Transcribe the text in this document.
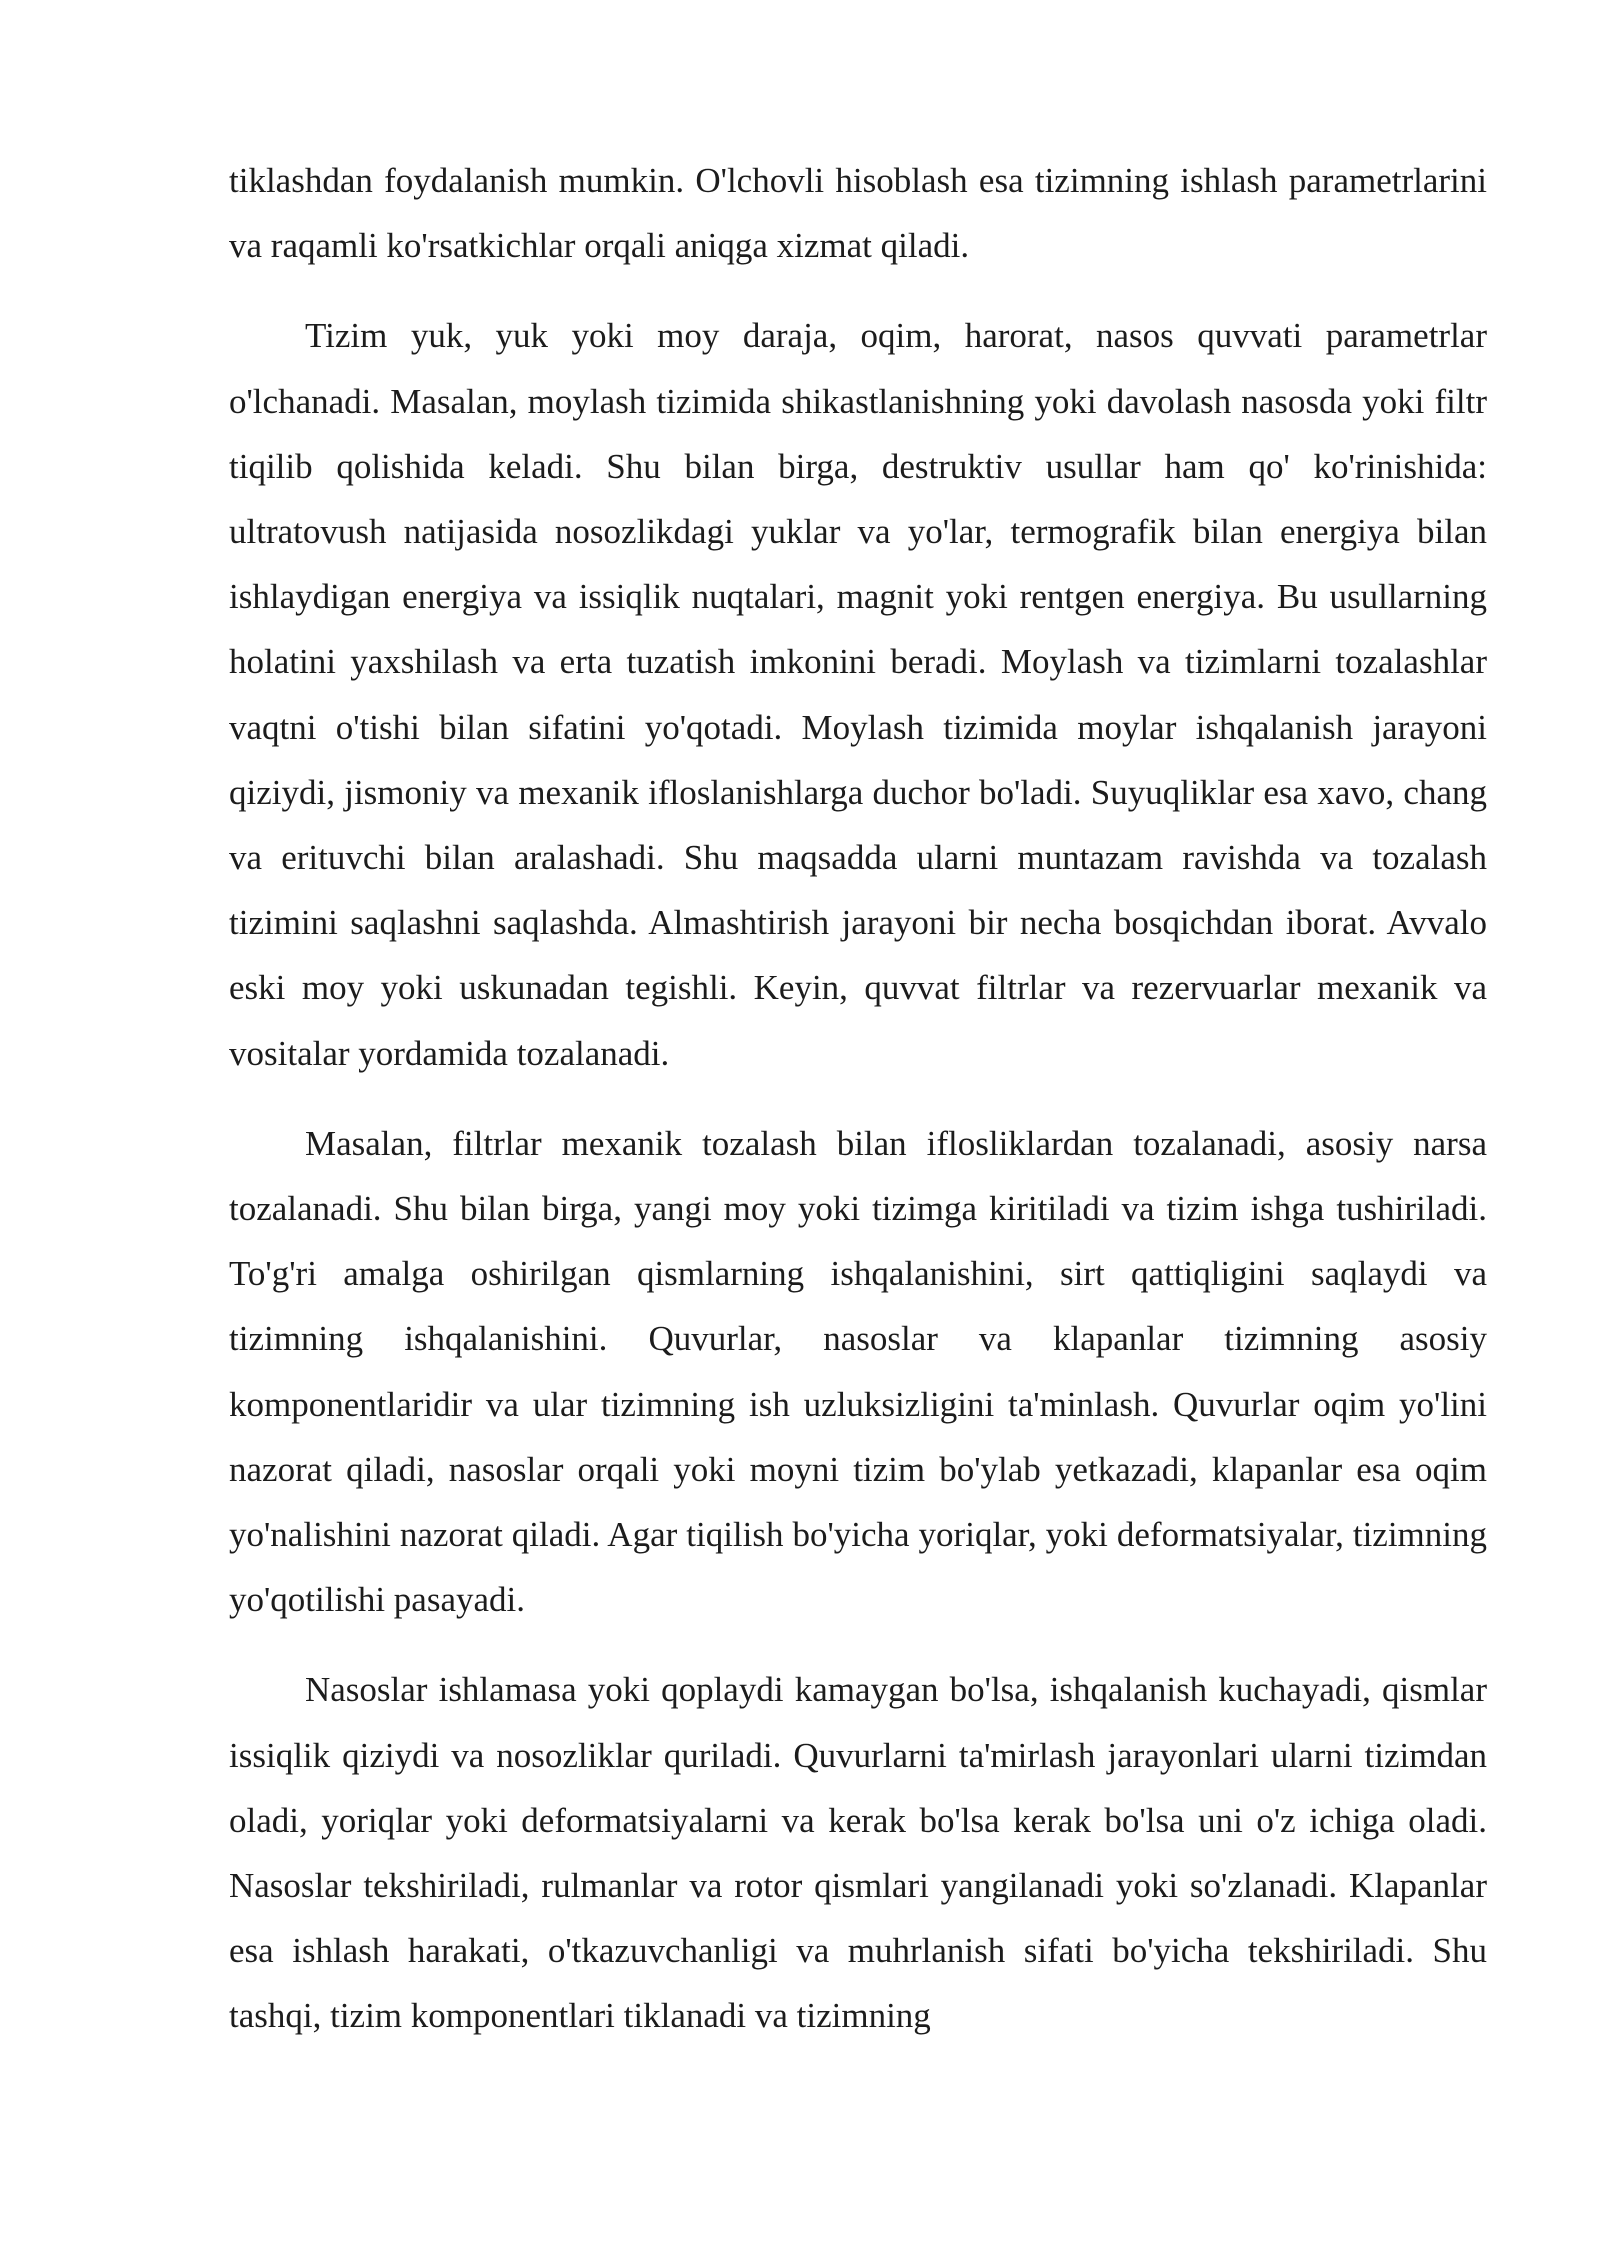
tiklashdan foydalanish mumkin. O'lchovli hisoblash esa tizimning ishlash parametrlarini va raqamli ko'rsatkichlar orqali aniqga xizmat qiladi.

Tizim yuk, yuk yoki moy daraja, oqim, harorat, nasos quvvati parametrlar o'lchanadi. Masalan, moylash tizimida shikastlanishning yoki davolash nasosda yoki filtr tiqilib qolishida keladi. Shu bilan birga, destruktiv usullar ham qo' ko'rinishida: ultratovush natijasida nosozlikdagi yuklar va yo'lar, termografik bilan energiya bilan ishlaydigan energiya va issiqlik nuqtalari, magnit yoki rentgen energiya. Bu usullarning holatini yaxshilash va erta tuzatish imkonini beradi. Moylash va tizimlarni tozalashlar vaqtni o'tishi bilan sifatini yo'qotadi. Moylash tizimida moylar ishqalanish jarayoni qiziydi, jismoniy va mexanik ifloslanishlarga duchor bo'ladi. Suyuqliklar esa xavo, chang va erituvchi bilan aralashadi. Shu maqsadda ularni muntazam ravishda va tozalash tizimini saqlashni saqlashda. Almashtirish jarayoni bir necha bosqichdan iborat. Avvalo eski moy yoki uskunadan tegishli. Keyin, quvvat filtrlar va rezervuarlar mexanik va vositalar yordamida tozalanadi.

Masalan, filtrlar mexanik tozalash bilan iflosliklardan tozalanadi, asosiy narsa tozalanadi. Shu bilan birga, yangi moy yoki tizimga kiritiladi va tizim ishga tushiriladi. To'g'ri amalga oshirilgan qismlarning ishqalanishini, sirt qattiqligini saqlaydi va tizimning ishqalanishini. Quvurlar, nasoslar va klapanlar tizimning asosiy komponentlaridir va ular tizimning ish uzluksizligini ta'minlash. Quvurlar oqim yo'lini nazorat qiladi, nasoslar orqali yoki moyni tizim bo'ylab yetkazadi, klapanlar esa oqim yo'nalishini nazorat qiladi. Agar tiqilish bo'yicha yoriqlar, yoki deformatsiyalar, tizimning yo'qotilishi pasayadi.

Nasoslar ishlamasa yoki qoplaydi kamaygan bo'lsa, ishqalanish kuchayadi, qismlar issiqlik qiziydi va nosozliklar quriladi. Quvurlarni ta'mirlash jarayonlari ularni tizimdan oladi, yoriqlar yoki deformatsiyalarni va kerak bo'lsa kerak bo'lsa uni o'z ichiga oladi. Nasoslar tekshiriladi, rulmanlar va rotor qismlari yangilanadi yoki so'zlanadi. Klapanlar esa ishlash harakati, o'tkazuvchanligi va muhrlanish sifati bo'yicha tekshiriladi. Shu tashqi, tizim komponentlari tiklanadi va tizimning
